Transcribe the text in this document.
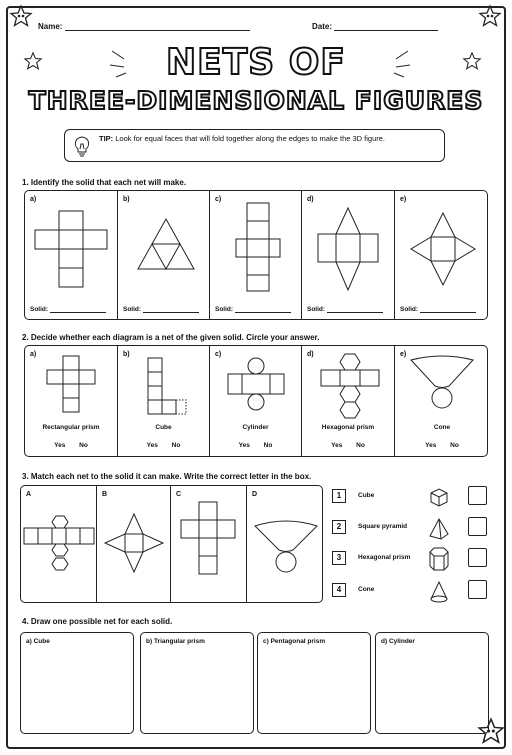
Name:	Date:
NETS OF
THREE-DIMENSIONAL FIGURES
TIP: Look for equal faces that will fold together along the edges to make the 3D figure.
1. Identify the solid that each net will make.
a)
Solid:
b)
Solid:
c)
Solid:
d)
Solid:
e)
Solid:
2. Decide whether each diagram is a net of the given solid. Circle your answer.
a)
Rectangular prism
Yes No
b)
Cube
Yes No
c)
Cylinder
Yes No
d)
Hexagonal prism
Yes No
e)
Cone
Yes No
3. Match each net to the solid it can make. Write the correct letter in the box.
A	B	C	D	1	Cube
2	Square pyramid
3	Hexagonal prism
4	Cone
4. Draw one possible net for each solid.
a) Cube	b) Triangular prism	c) Pentagonal prism	d) Cylinder
